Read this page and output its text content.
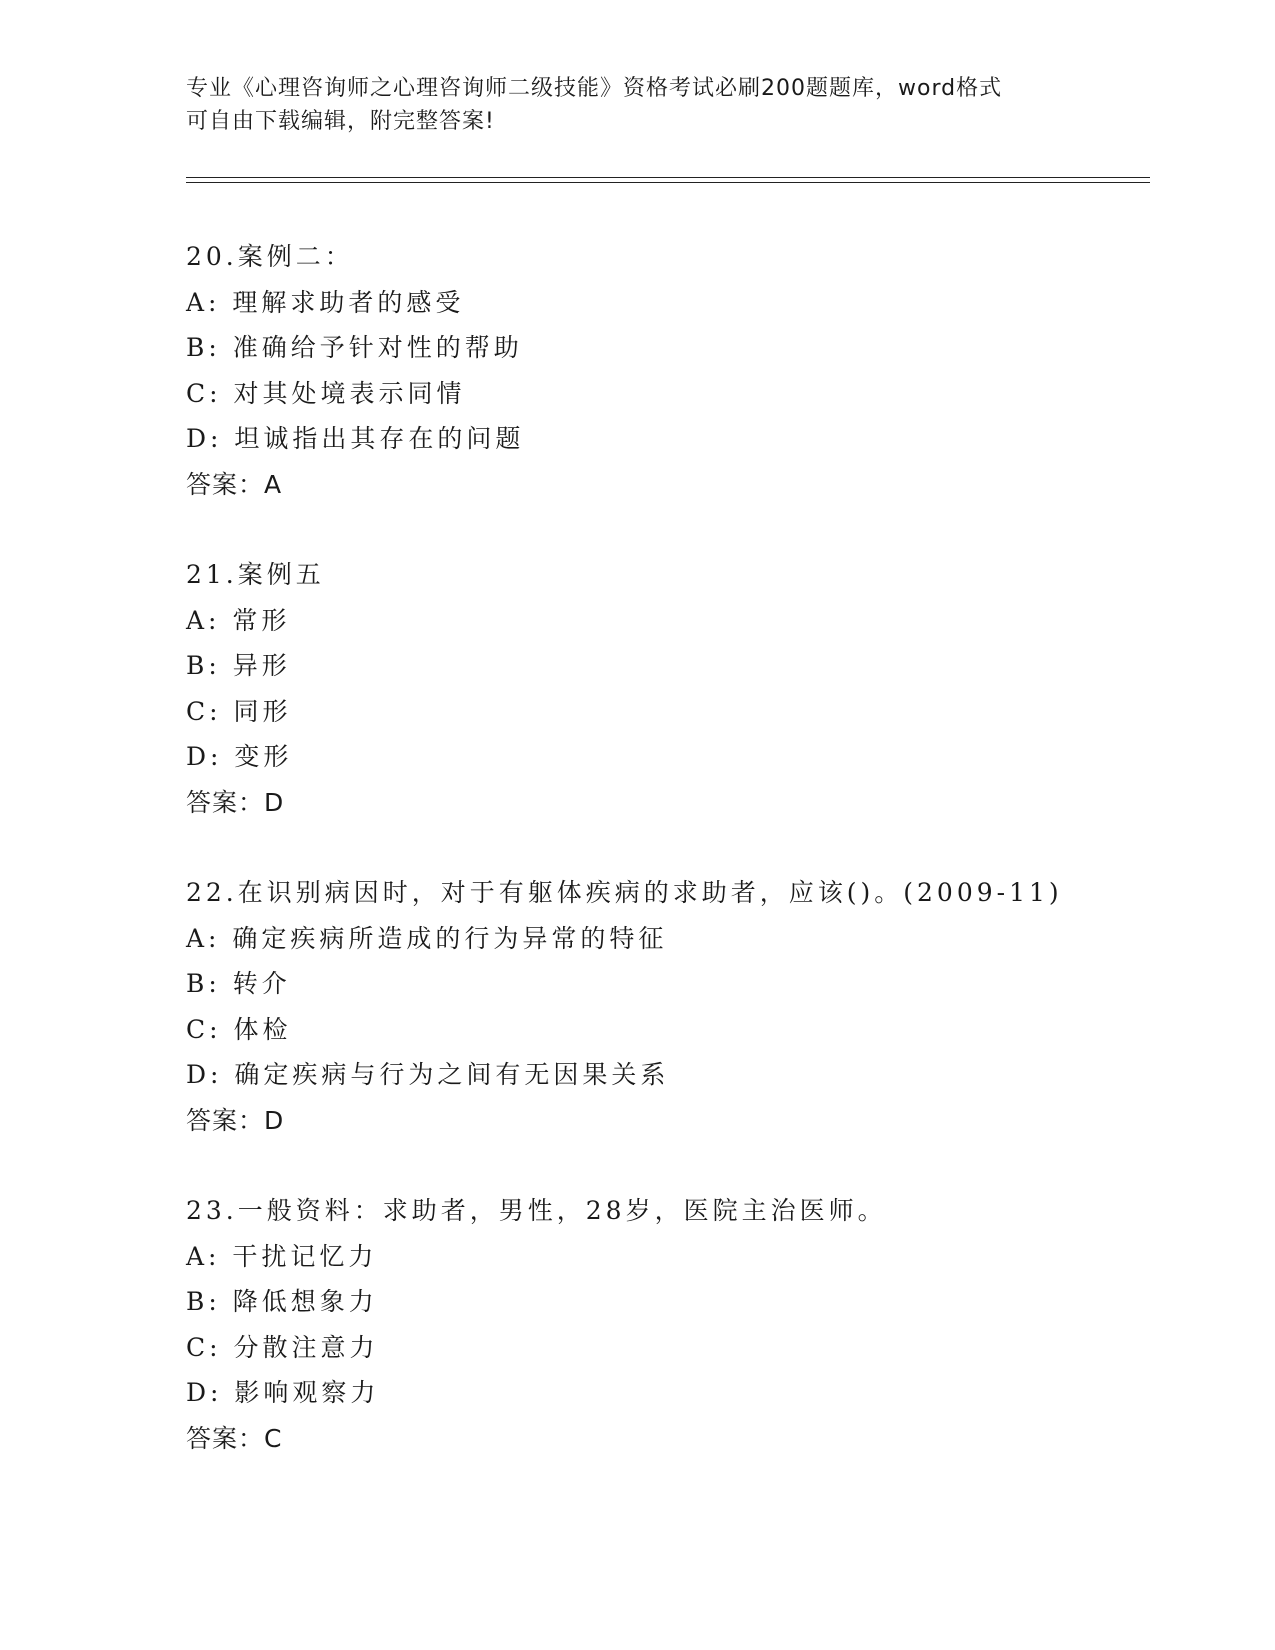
专业《心理咨询师之心理咨询师二级技能》资格考试必刷200题题库，word格式
可自由下载编辑，附完整答案!
20.案例二：
A: 理解求助者的感受
B: 准确给予针对性的帮助
C: 对其处境表示同情
D: 坦诚指出其存在的问题
答案：A
21.案例五
A: 常形
B: 异形
C: 同形
D: 变形
答案：D
22.在识别病因时，对于有躯体疾病的求助者，应该()。(2009-11)
A: 确定疾病所造成的行为异常的特征
B: 转介
C: 体检
D: 确定疾病与行为之间有无因果关系
答案：D
23.一般资料：求助者，男性，28岁，医院主治医师。
A: 干扰记忆力
B: 降低想象力
C: 分散注意力
D: 影响观察力
答案：C
